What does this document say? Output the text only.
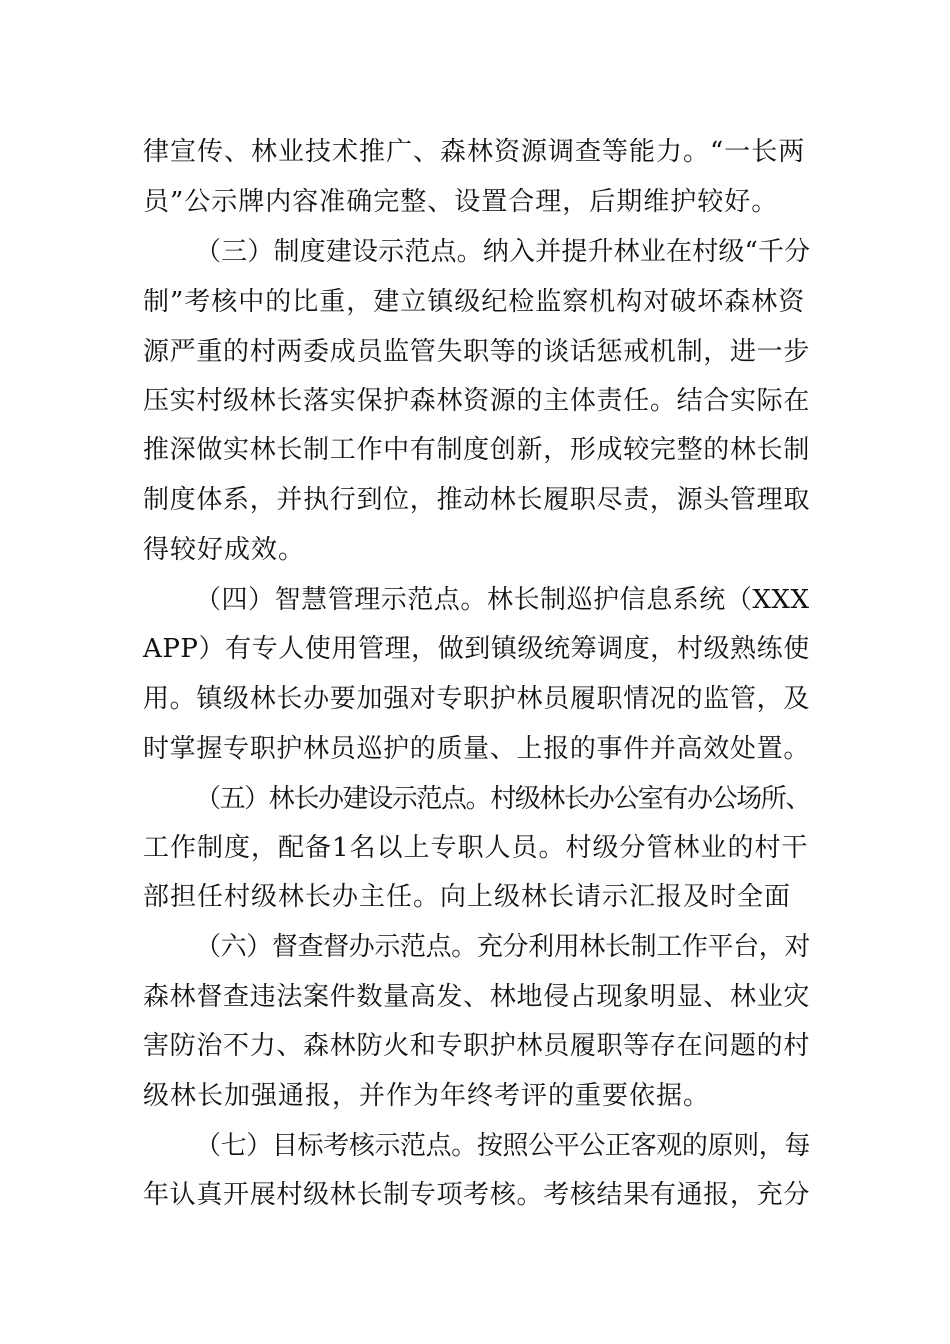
律宣传、林业技术推广、森林资源调查等能力。“一长两
员”公示牌内容准确完整、设置合理，后期维护较好。
（三）制度建设示范点。纳入并提升林业在村级“千分
制”考核中的比重，建立镇级纪检监察机构对破坏森林资
源严重的村两委成员监管失职等的谈话惩戒机制，进一步
压实村级林长落实保护森林资源的主体责任。结合实际在
推深做实林长制工作中有制度创新，形成较完整的林长制
制度体系，并执行到位，推动林长履职尽责，源头管理取
得较好成效。
（四）智慧管理示范点。林长制巡护信息系统（XXX
APP）有专人使用管理，做到镇级统筹调度，村级熟练使
用。镇级林长办要加强对专职护林员履职情况的监管，及
时掌握专职护林员巡护的质量、上报的事件并高效处置。
（五）林长办建设示范点。村级林长办公室有办公场所、
工作制度，配备1名以上专职人员。村级分管林业的村干
部担任村级林长办主任。向上级林长请示汇报及时全面
（六）督查督办示范点。充分利用林长制工作平台，对
森林督查违法案件数量高发、林地侵占现象明显、林业灾
害防治不力、森林防火和专职护林员履职等存在问题的村
级林长加强通报，并作为年终考评的重要依据。
（七）目标考核示范点。按照公平公正客观的原则，每
年认真开展村级林长制专项考核。考核结果有通报，充分
